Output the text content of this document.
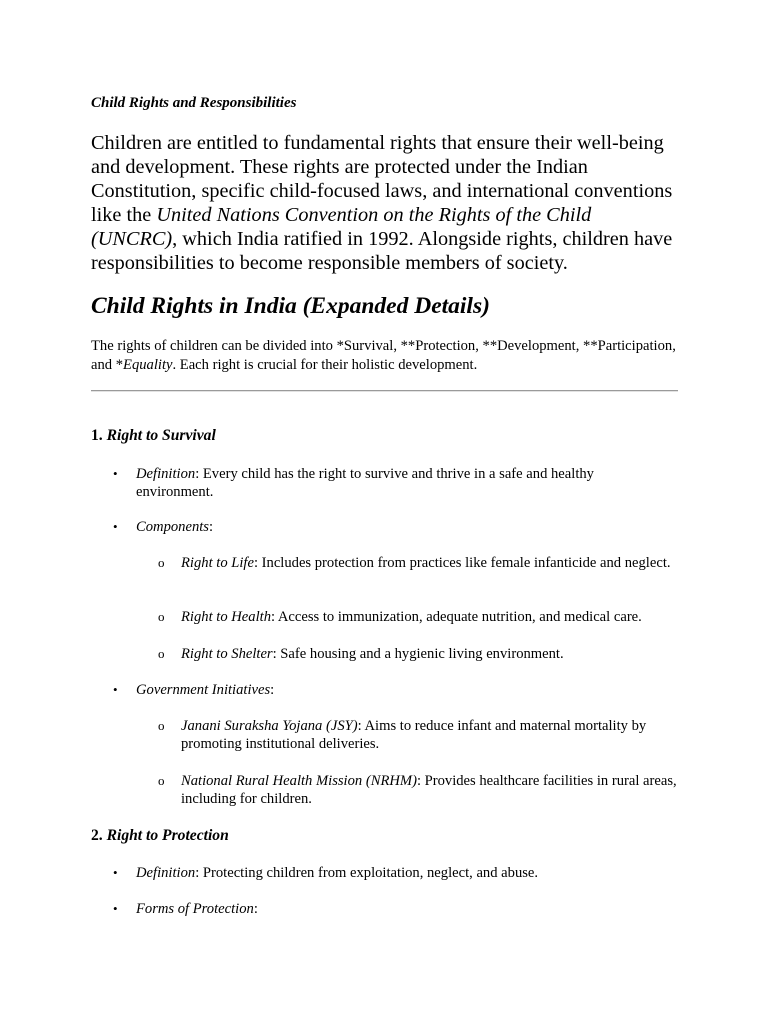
Child Rights and Responsibilities

Children are entitled to fundamental rights that ensure their well-being and development. These rights are protected under the Indian Constitution, specific child-focused laws, and international conventions like the United Nations Convention on the Rights of the Child (UNCRC), which India ratified in 1992. Alongside rights, children have responsibilities to become responsible members of society.

Child Rights in India (Expanded Details)

The rights of children can be divided into *Survival, **Protection, **Development, **Participation, and *Equality. Each right is crucial for their holistic development.

1. Right to Survival
• Definition: Every child has the right to survive and thrive in a safe and healthy environment.

• Components:

o Right to Life: Includes protection from practices like female infanticide and neglect.

o Right to Health: Access to immunization, adequate nutrition, and medical care.

o Right to Shelter: Safe housing and a hygienic living environment.

• Government Initiatives:

o Janani Suraksha Yojana (JSY): Aims to reduce infant and maternal mortality by promoting institutional deliveries.

o National Rural Health Mission (NRHM): Provides healthcare facilities in rural areas, including for children.

2. Right to Protection
• Definition: Protecting children from exploitation, neglect, and abuse.

• Forms of Protection:
